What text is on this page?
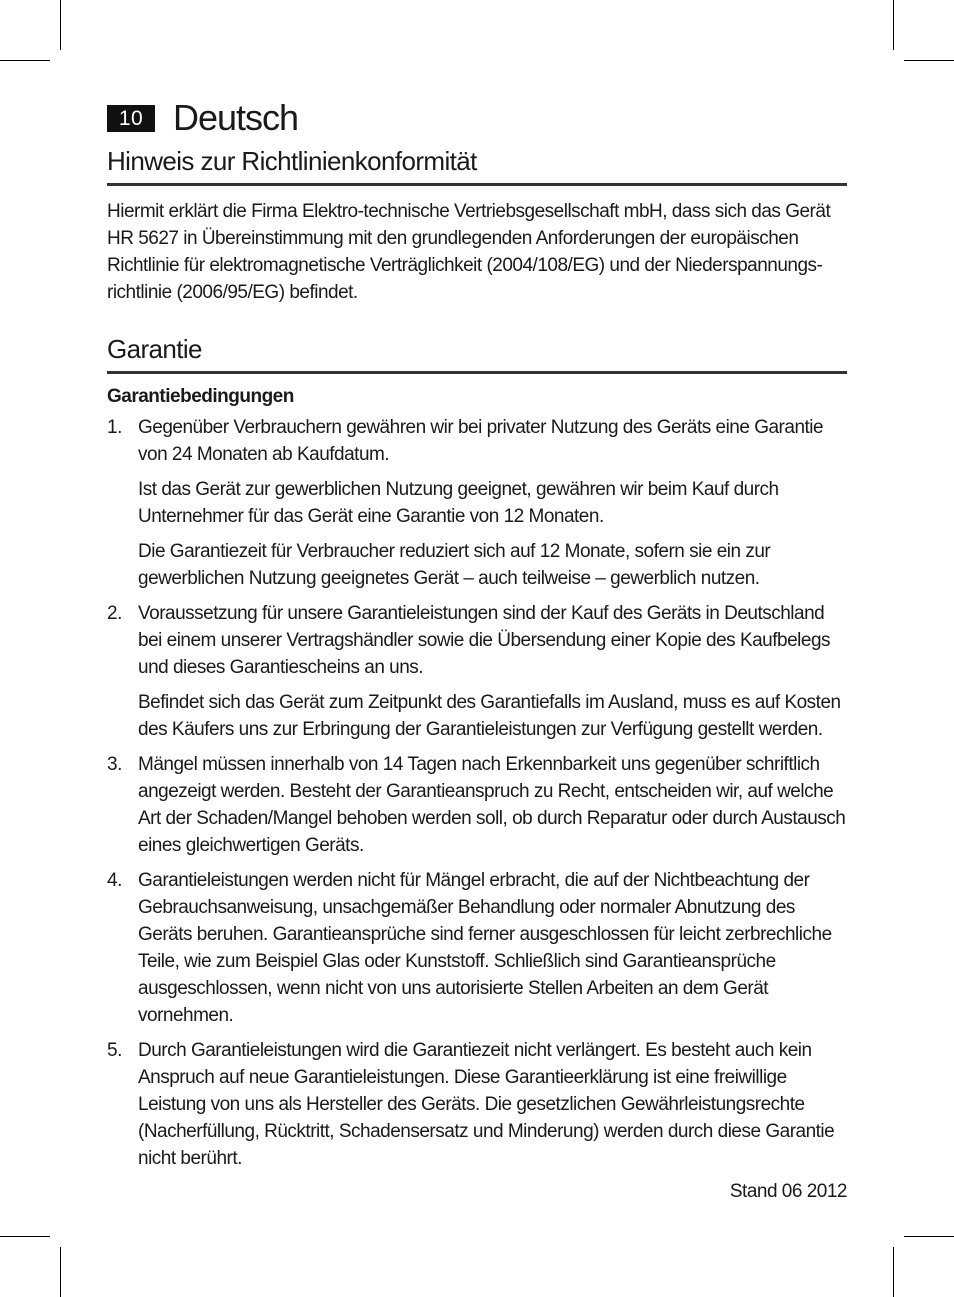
10 Deutsch
Hinweis zur Richtlinienkonformität

Hiermit erklärt die Firma Elektro-technische Vertriebsgesellschaft mbH, dass sich das Gerät HR 5627 in Übereinstimmung mit den grundlegenden Anforderungen der europäischen Richtlinie für elektromagnetische Verträglichkeit (2004/108/EG) und der Niederspannungs-richtlinie (2006/95/EG) befindet.

Garantie
Garantiebedingungen
1. Gegenüber Verbrauchern gewähren wir bei privater Nutzung des Geräts eine Garantie von 24 Monaten ab Kaufdatum.

Ist das Gerät zur gewerblichen Nutzung geeignet, gewähren wir beim Kauf durch Unternehmer für das Gerät eine Garantie von 12 Monaten.

Die Garantiezeit für Verbraucher reduziert sich auf 12 Monate, sofern sie ein zur gewerblichen Nutzung geeignetes Gerät – auch teilweise – gewerblich nutzen.

2. Voraussetzung für unsere Garantieleistungen sind der Kauf des Geräts in Deutschland bei einem unserer Vertragshändler sowie die Übersendung einer Kopie des Kaufbelegs und dieses Garantiescheins an uns.

Befindet sich das Gerät zum Zeitpunkt des Garantiefalls im Ausland, muss es auf Kosten des Käufers uns zur Erbringung der Garantieleistungen zur Verfügung gestellt werden.

3. Mängel müssen innerhalb von 14 Tagen nach Erkennbarkeit uns gegenüber schriftlich angezeigt werden. Besteht der Garantieanspruch zu Recht, entscheiden wir, auf welche Art der Schaden/Mangel behoben werden soll, ob durch Reparatur oder durch Austausch eines gleichwertigen Geräts.

4. Garantieleistungen werden nicht für Mängel erbracht, die auf der Nichtbeachtung der Gebrauchsanweisung, unsachgemäßer Behandlung oder normaler Abnutzung des Geräts beruhen. Garantieansprüche sind ferner ausgeschlossen für leicht zerbrechliche Teile, wie zum Beispiel Glas oder Kunststoff. Schließlich sind Garantieansprüche ausgeschlossen, wenn nicht von uns autorisierte Stellen Arbeiten an dem Gerät vornehmen.

5. Durch Garantieleistungen wird die Garantiezeit nicht verlängert. Es besteht auch kein Anspruch auf neue Garantieleistungen. Diese Garantieerklärung ist eine freiwillige Leistung von uns als Hersteller des Geräts. Die gesetzlichen Gewährleistungsrechte (Nacherfüllung, Rücktritt, Schadensersatz und Minderung) werden durch diese Garantie nicht berührt.

Stand 06 2012
